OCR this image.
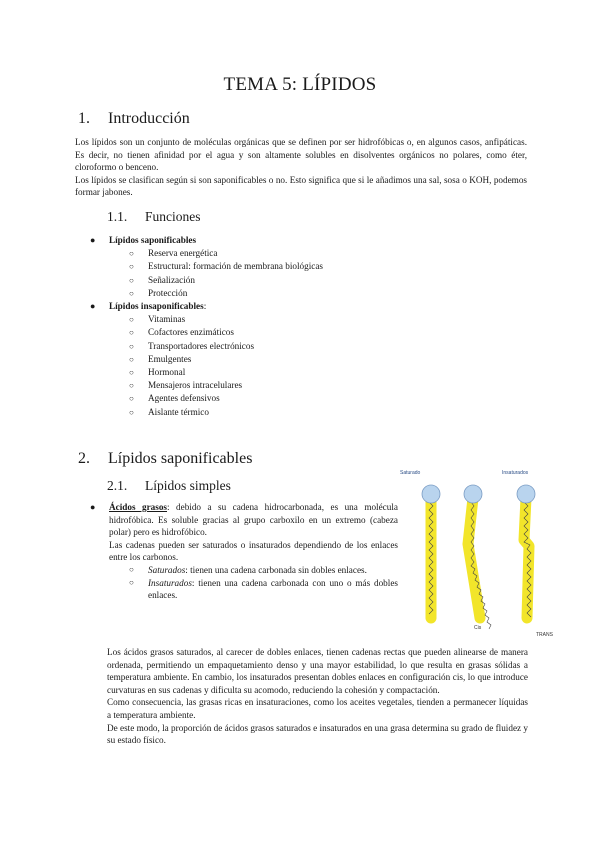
TEMA 5: LÍPIDOS
1. Introducción

Los lípidos son un conjunto de moléculas orgánicas que se definen por ser hidrofóbicas o, en algunos casos, anfipáticas. Es decir, no tienen afinidad por el agua y son altamente solubles en disolventes orgánicos no polares, como éter, cloroformo o benceno.

Los lípidos se clasifican según si son saponificables o no. Esto significa que si le añadimos una sal, sosa o KOH, podemos formar jabones.

1.1. Funciones
● Lípidos saponificables
○ Reserva energética
○ Estructural: formación de membrana biológicas
○ Señalización
○ Protección
● Lípidos insaponificables:
○ Vitaminas
○ Cofactores enzimáticos
○ Transportadores electrónicos
○ Emulgentes
○ Hormonal
○ Mensajeros intracelulares
○ Agentes defensivos
○ Aislante térmico
2. Lípidos saponificables
2.1. Lípidos simples
● Ácidos grasos: debido a su cadena hidrocarbonada, es una molécula hidrofóbica. Es soluble gracias al grupo carboxilo en un extremo (cabeza polar) pero es hidrofóbico.

Las cadenas pueden ser saturados o insaturados dependiendo de los enlaces entre los carbonos.

○ Saturados: tienen una cadena carbonada sin dobles enlaces.
○ Insaturados: tienen una cadena carbonada con uno o más dobles enlaces.
Saturado	Insaturados
Cis
TRANS

Los ácidos grasos saturados, al carecer de dobles enlaces, tienen cadenas rectas que pueden alinearse de manera ordenada, permitiendo un empaquetamiento denso y una mayor estabilidad, lo que resulta en grasas sólidas a temperatura ambiente. En cambio, los insaturados presentan dobles enlaces en configuración cis, lo que introduce curvaturas en sus cadenas y dificulta su acomodo, reduciendo la cohesión y compactación.

Como consecuencia, las grasas ricas en insaturaciones, como los aceites vegetales, tienden a permanecer líquidas a temperatura ambiente.

De este modo, la proporción de ácidos grasos saturados e insaturados en una grasa determina su grado de fluidez y su estado físico.
